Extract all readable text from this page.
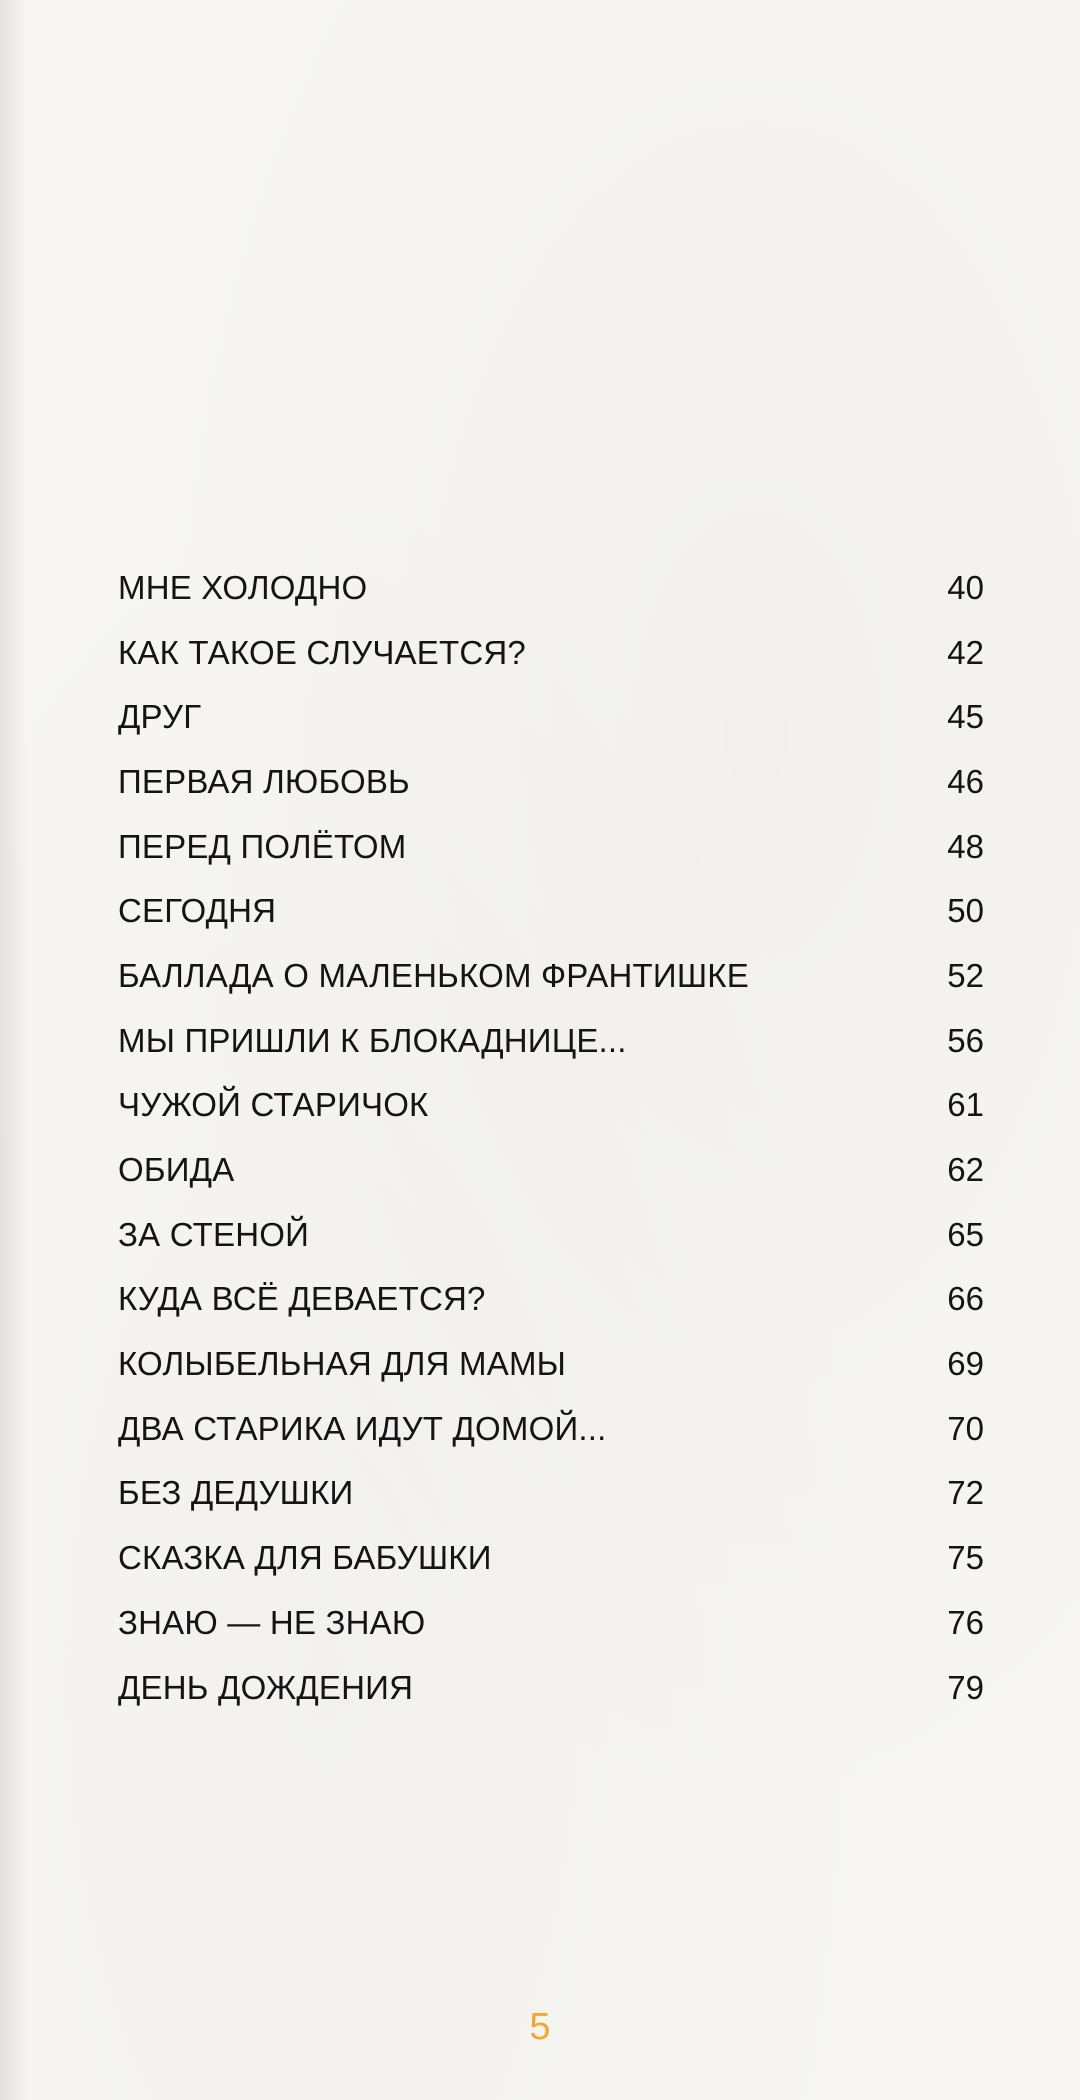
МНЕ ХОЛОДНО	40
КАК ТАКОЕ СЛУЧАЕТСЯ?	42
ДРУГ	45
ПЕРВАЯ ЛЮБОВЬ	46
ПЕРЕД ПОЛЁТОМ	48
СЕГОДНЯ	50
БАЛЛАДА О МАЛЕНЬКОМ ФРАНТИШКЕ	52
МЫ ПРИШЛИ К БЛОКАДНИЦЕ...	56
ЧУЖОЙ СТАРИЧОК	61
ОБИДА	62
ЗА СТЕНОЙ	65
КУДА ВСЁ ДЕВАЕТСЯ?	66
КОЛЫБЕЛЬНАЯ ДЛЯ МАМЫ	69
ДВА СТАРИКА ИДУТ ДОМОЙ...	70
БЕЗ ДЕДУШКИ	72
СКАЗКА ДЛЯ БАБУШКИ	75
ЗНАЮ — НЕ ЗНАЮ	76
ДЕНЬ ДОЖДЕНИЯ	79
5
